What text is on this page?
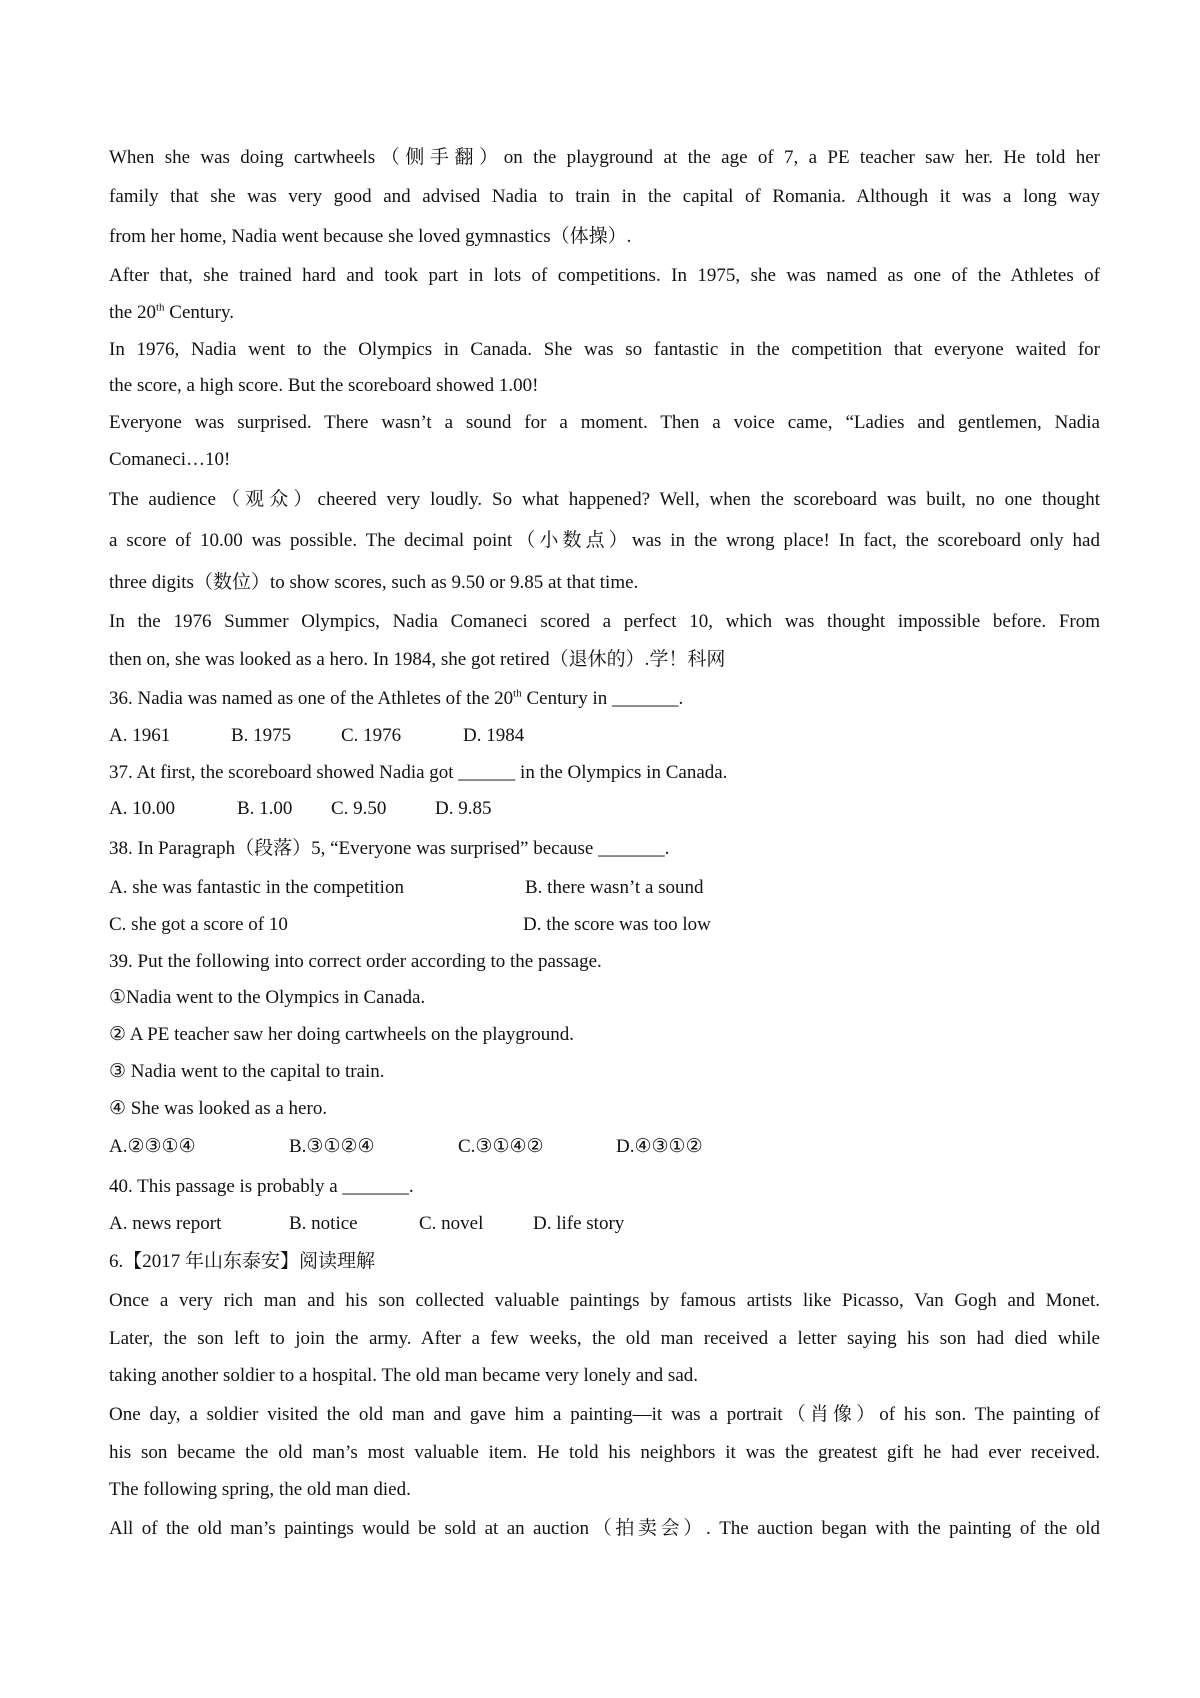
When she was doing cartwheels（侧手翻）on the playground at the age of 7, a PE teacher saw her. He told her
family that she was very good and advised Nadia to train in the capital of Romania. Although it was a long way
from her home, Nadia went because she loved gymnastics（体操）.
After that, she trained hard and took part in lots of competitions. In 1975, she was named as one of the Athletes of
the 20th Century.
In 1976, Nadia went to the Olympics in Canada. She was so fantastic in the competition that everyone waited for
the score, a high score. But the scoreboard showed 1.00!
Everyone was surprised. There wasn’t a sound for a moment. Then a voice came, “Ladies and gentlemen, Nadia
Comaneci…10!
The audience（观众）cheered very loudly. So what happened? Well, when the scoreboard was built, no one thought
a score of 10.00 was possible. The decimal point（小数点）was in the wrong place! In fact, the scoreboard only had
three digits（数位）to show scores, such as 9.50 or 9.85 at that time.
In the 1976 Summer Olympics, Nadia Comaneci scored a perfect 10, which was thought impossible before. From
then on, she was looked as a hero. In 1984, she got retired（退休的）.学！科网
36. Nadia was named as one of the Athletes of the 20th Century in _______.
A. 1961	B. 1975	C. 1976	D. 1984
37. At first, the scoreboard showed Nadia got ______ in the Olympics in Canada.
A. 10.00	B. 1.00 C. 9.50	D. 9.85
38. In Paragraph（段落）5, “Everyone was surprised” because _______.
A. she was fantastic in the competition	B. there wasn’t a sound
C. she got a score of 10	D. the score was too low
39. Put the following into correct order according to the passage.
①Nadia went to the Olympics in Canada.
② A PE teacher saw her doing cartwheels on the playground.
③ Nadia went to the capital to train.
④ She was looked as a hero.
A.②③①④	B.③①②④	C.③①④②	D.④③①②
40. This passage is probably a _______.
A. news report	B. notice	C. novel	D. life story
6.【2017 年山东泰安】阅读理解
Once a very rich man and his son collected valuable paintings by famous artists like Picasso, Van Gogh and Monet.
Later, the son left to join the army. After a few weeks, the old man received a letter saying his son had died while
taking another soldier to a hospital. The old man became very lonely and sad.
One day, a soldier visited the old man and gave him a painting—it was a portrait（肖像）of his son. The painting of
his son became the old man’s most valuable item. He told his neighbors it was the greatest gift he had ever received.
The following spring, the old man died.
All of the old man’s paintings would be sold at an auction（拍卖会）. The auction began with the painting of the old
